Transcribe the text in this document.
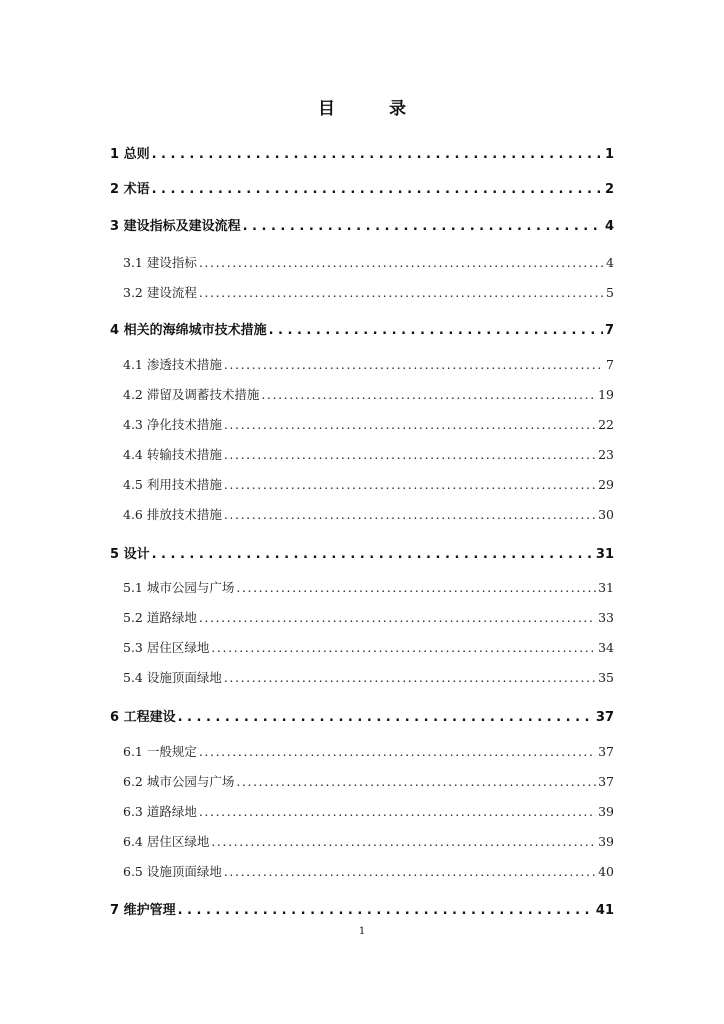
目 录
1 总则 . . .	1
2 术语 . . .	2
3 建设指标及建设流程 . . .	4
3.1 建设指标 .....	4
3.2 建设流程 .....	5
4 相关的海绵城市技术措施 . . .	7
4.1 渗透技术措施 .....	7
4.2 滞留及调蓄技术措施 .....	19
4.3 净化技术措施 .....	22
4.4 转输技术措施 .....	23
4.5 利用技术措施 .....	29
4.6 排放技术措施 .....	30
5 设计 . . .	31
5.1 城市公园与广场 .....	31
5.2 道路绿地 .....	33
5.3 居住区绿地 .....	34
5.4 设施顶面绿地 .....	35
6 工程建设 . . .	37
6.1 一般规定 .....	37
6.2 城市公园与广场 .....	37
6.3 道路绿地 .....	39
6.4 居住区绿地 .....	39
6.5 设施顶面绿地 .....	40
7 维护管理 . . .	41
1
